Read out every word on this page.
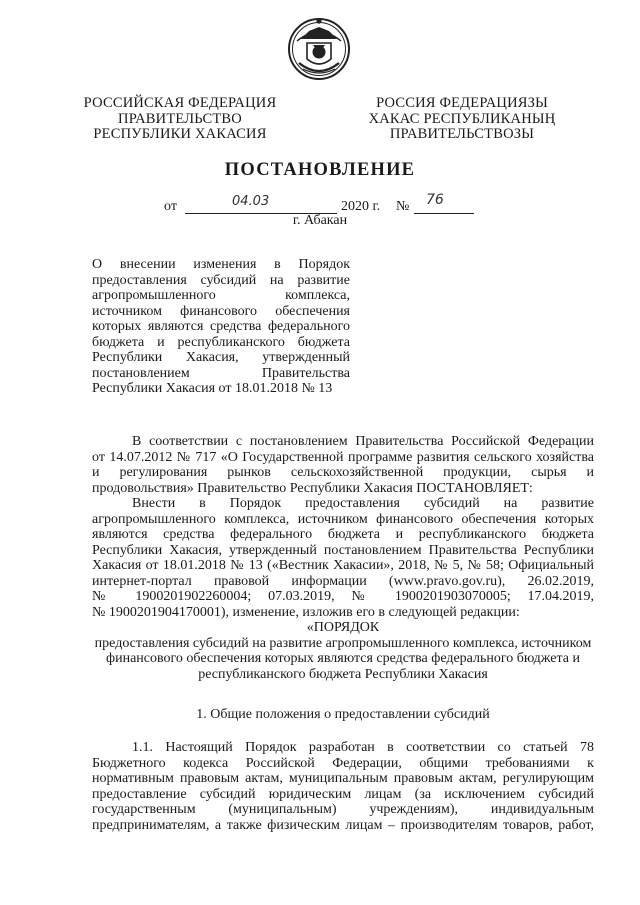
РОССИЙСКАЯ ФЕДЕРАЦИЯ
ПРАВИТЕЛЬСТВО
РЕСПУБЛИКИ ХАКАСИЯ
РОССИЯ ФЕДЕРАЦИЯЗЫ
ХАКАС РЕСПУБЛИКАНЫҢ
ПРАВИТЕЛЬСТВОЗЫ
ПОСТАНОВЛЕНИЕ
от	04.03	2020 г. № 76
г. Абакан
О внесении изменения в Порядок
предоставления субсидий на развитие
агропромышленного комплекса,
источником финансового обеспечения
которых являются средства федерального
бюджета и республиканского бюджета
Республики Хакасия, утвержденный
постановлением Правительства
Республики Хакасия от 18.01.2018 № 13
В соответствии с постановлением Правительства Российской Федерации
от 14.07.2012 № 717 «О Государственной программе развития сельского хозяйства
и регулирования рынков сельскохозяйственной продукции, сырья и
продовольствия» Правительство Республики Хакасия ПОСТАНОВЛЯЕТ:
Внести в Порядок предоставления субсидий на развитие
агропромышленного комплекса, источником финансового обеспечения которых
являются средства федерального бюджета и республиканского бюджета
Республики Хакасия, утвержденный постановлением Правительства Республики
Хакасия от 18.01.2018 № 13 («Вестник Хакасии», 2018, № 5, № 58; Официальный
интернет-портал правовой информации (www.pravo.gov.ru), 26.02.2019,
№ 1900201902260004; 07.03.2019, № 1900201903070005; 17.04.2019,
№ 1900201904170001), изменение, изложив его в следующей редакции:
«ПОРЯДОК
предоставления субсидий на развитие агропромышленного комплекса, источником
финансового обеспечения которых являются средства федерального бюджета и
республиканского бюджета Республики Хакасия
1. Общие положения о предоставлении субсидий
1.1. Настоящий Порядок разработан в соответствии со статьей 78
Бюджетного кодекса Российской Федерации, общими требованиями к
нормативным правовым актам, муниципальным правовым актам, регулирующим
предоставление субсидий юридическим лицам (за исключением субсидий
государственным (муниципальным) учреждениям), индивидуальным
предпринимателям, а также физическим лицам – производителям товаров, работ,
